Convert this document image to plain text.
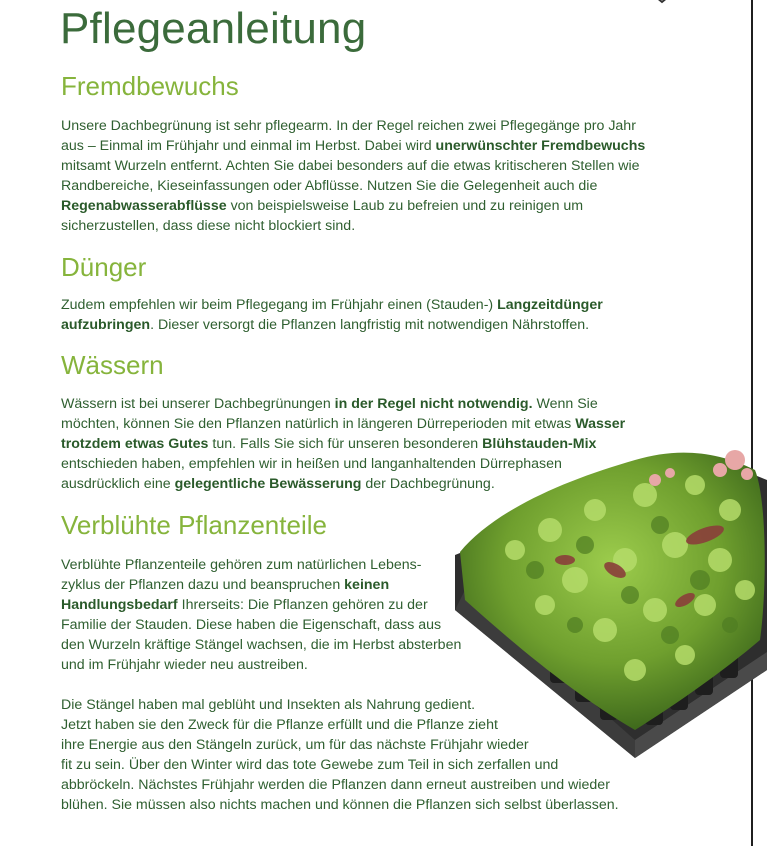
Pflegeanleitung
Fremdbewuchs
Unsere Dachbegrünung ist sehr pflegearm. In der Regel reichen zwei Pflegegänge pro Jahr
aus – Einmal im Frühjahr und einmal im Herbst. Dabei wird unerwünschter Fremdbewuchs
mitsamt Wurzeln entfernt. Achten Sie dabei besonders auf die etwas kritischeren Stellen wie
Randbereiche, Kieseinfassungen oder Abflüsse. Nutzen Sie die Gelegenheit auch die
Regenabwasserabflüsse von beispielsweise Laub zu befreien und zu reinigen um
sicherzustellen, dass diese nicht blockiert sind.
Dünger
Zudem empfehlen wir beim Pflegegang im Frühjahr einen (Stauden-) Langzeitdünger
aufzubringen. Dieser versorgt die Pflanzen langfristig mit notwendigen Nährstoffen.
Wässern
Wässern ist bei unserer Dachbegrünungen in der Regel nicht notwendig. Wenn Sie
möchten, können Sie den Pflanzen natürlich in längeren Dürreperioden mit etwas Wasser
trotzdem etwas Gutes tun. Falls Sie sich für unseren besonderen Blühstauden-Mix
entschieden haben, empfehlen wir in heißen und langanhaltenden Dürrephasen
ausdrücklich eine gelegentliche Bewässerung der Dachbegrünung.
Verblühte Pflanzenteile
Verblühte Pflanzenteile gehören zum natürlichen Lebens-
zyklus der Pflanzen dazu und beanspruchen keinen
Handlungsbedarf Ihrerseits: Die Pflanzen gehören zu der
Familie der Stauden. Diese haben die Eigenschaft, dass aus
den Wurzeln kräftige Stängel wachsen, die im Herbst absterben
und im Frühjahr wieder neu austreiben.
Die Stängel haben mal geblüht und Insekten als Nahrung gedient.
Jetzt haben sie den Zweck für die Pflanze erfüllt und die Pflanze zieht
ihre Energie aus den Stängeln zurück, um für das nächste Frühjahr wieder
fit zu sein. Über den Winter wird das tote Gewebe zum Teil in sich zerfallen und
abbröckeln. Nächstes Frühjahr werden die Pflanzen dann erneut austreiben und wieder
blühen. Sie müssen also nichts machen und können die Pflanzen sich selbst überlassen.
